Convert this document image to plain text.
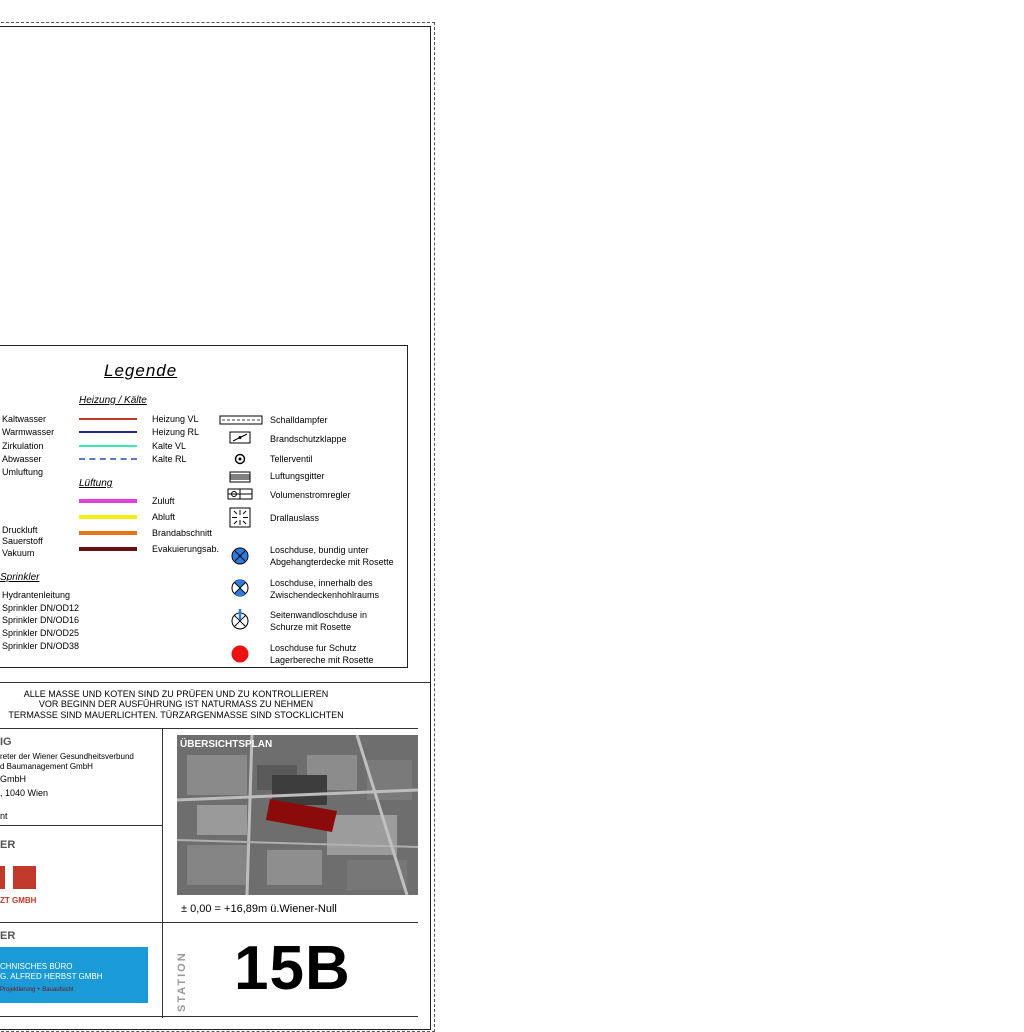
Legende
Kaltwasser
Warmwasser
Zirkulation
Abwasser
Umluftung
Druckluft
Sauerstoff
Vakuum
Sprinkler
Hydrantenleitung
Sprinkler DN/OD12
Sprinkler DN/OD16
Sprinkler DN/OD25
Sprinkler DN/OD38
Heizung / Kälte
Heizung VL
Heizung RL
Kalte VL
Kalte RL
Lüftung
Zuluft
Abluft
Brandabschnitt
Evakuierungsab.
Schalldampfer
Brandschutzklappe
Tellerventil
Luftungsgitter
Volumenstromregler
Drallauslass
Loschduse, bundig unter
Abgehangterdecke mit Rosette
Loschduse, innerhalb des
Zwischendeckenhohlraums
Seitenwandloschduse in
Schurze mit Rosette
Loschduse fur Schutz
Lagerbereche mit Rosette
ALLE MASSE UND KOTEN SIND ZU PRÜFEN UND ZU KONTROLLIEREN
VOR BEGINN DER AUSFÜHRUNG IST NATURMASS ZU NEHMEN
TERMASSE SIND MAUERLICHTEN. TÜRZARGENMASSE SIND STOCKLICHTEN
IG
reter der Wiener Gesundheitsverbund
d Baumanagement GmbH
GmbH
, 1040 Wien
nt
ER
ZT GMBH
ER
CHNISCHES BÜRO
G. ALFRED HERBST GMBH
Projektierung + Bauaufsicht
ÜBERSICHTSPLAN
± 0,00 = +16,89m ü.Wiener-Null
STATION 15B
